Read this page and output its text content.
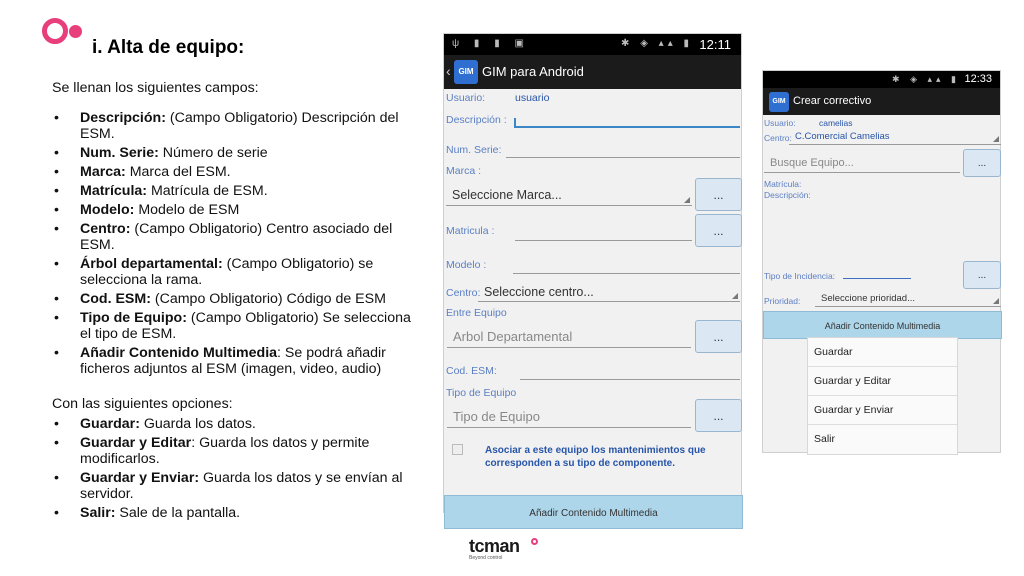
i. Alta de equipo:

Se llenan los siguientes campos:

• Descripción: (Campo Obligatorio) Descripción del ESM.
• Num. Serie: Número de serie
• Marca: Marca del ESM.
• Matrícula: Matrícula de ESM.
• Modelo: Modelo de ESM
• Centro: (Campo Obligatorio) Centro asociado del ESM.
• Árbol departamental: (Campo Obligatorio) se selecciona la rama.
• Cod. ESM: (Campo Obligatorio) Código de ESM
• Tipo de Equipo: (Campo Obligatorio) Se selecciona el tipo de ESM.
• Añadir Contenido Multimedia: Se podrá añadir ficheros adjuntos al ESM (imagen, video, audio)

Con las siguientes opciones:

• Guardar: Guarda los datos.
• Guardar y Editar: Guarda los datos y permite modificarlos.
• Guardar y Enviar: Guarda los datos y se envían al servidor.
• Salir: Sale de la pantalla.
ψ ▮ ▮ ▣	✱ ◈ ▴▴ ▮ 12:11
‹ GIM GIM para Android
Usuario:	usuario
Descripción :
Num. Serie:
Marca :
Seleccione Marca...	...
Matricula :	...
Modelo :
Centro: Seleccione centro...
Entre Equipo
Arbol Departamental	...
Cod. ESM:
Tipo de Equipo
Tipo de Equipo	...
Asociar a este equipo los mantenimientos que corresponden a su tipo de componente.
Añadir Contenido Multimedia
✱ ◈ ▴▴ ▮ 12:33
GIM Crear correctivo
Usuario:	camelias
Centro: C.Comercial Camelias
Busque Equipo...	...
Matrícula:
Descripción:
Tipo de Incidencia:	...
Prioridad:	Seleccione prioridad...
Añadir Contenido Multimedia
Guardar
Guardar y Editar
Guardar y Enviar
Salir
tcman
Beyond control
